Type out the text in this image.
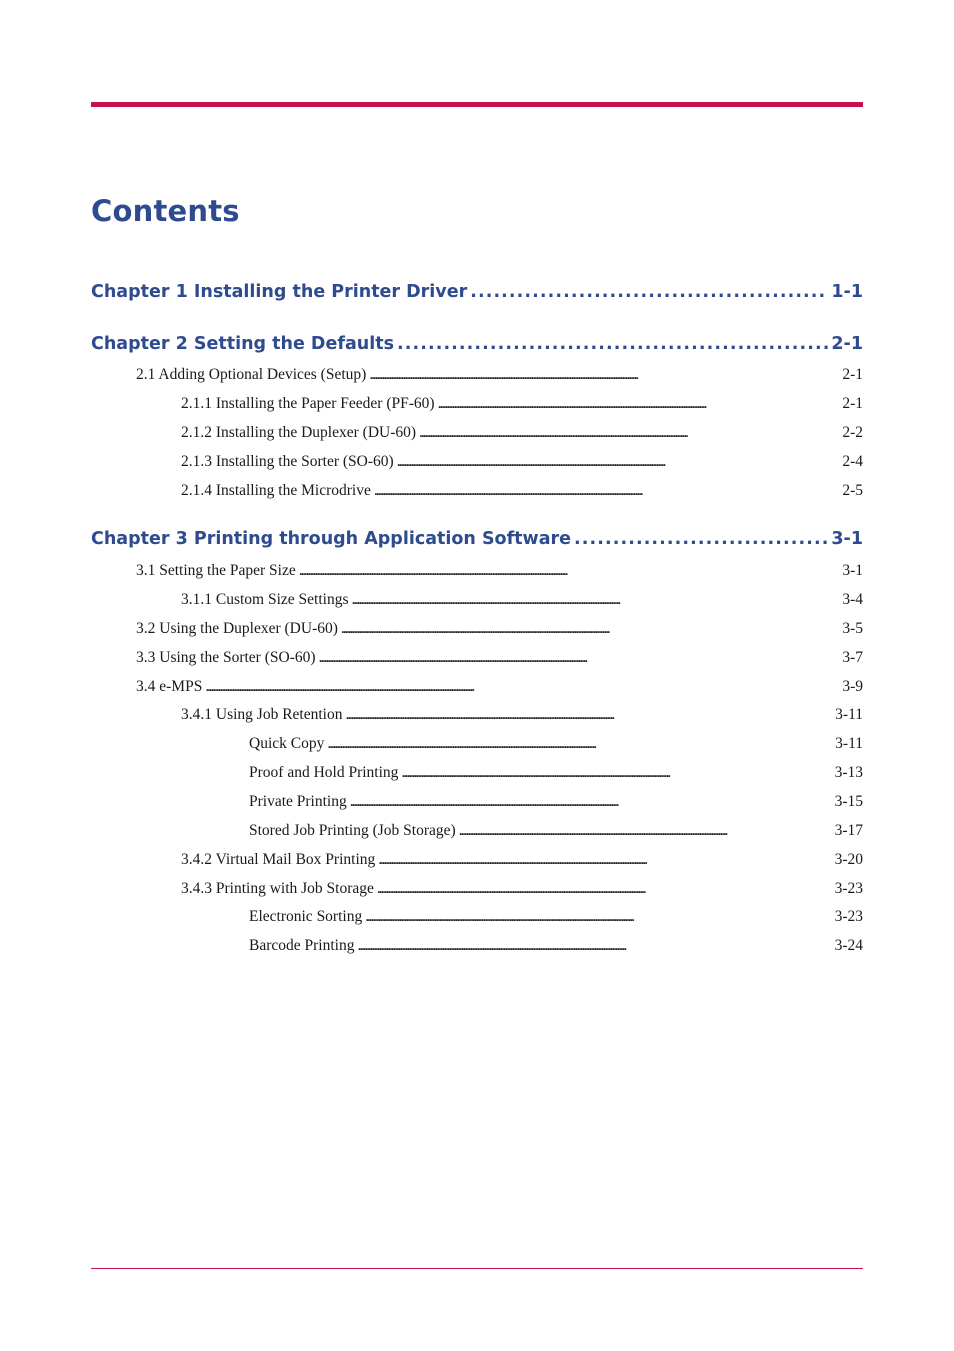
Contents
Chapter 1 Installing the Printer Driver . . .	1-1
Chapter 2 Setting the Defaults . . .	2-1
2.1 Adding Optional Devices (Setup) . . .	2-1
2.1.1 Installing the Paper Feeder (PF-60) . . .	2-1
2.1.2 Installing the Duplexer (DU-60) . . .	2-2
2.1.3 Installing the Sorter (SO-60) . . .	2-4
2.1.4 Installing the Microdrive . . .	2-5
Chapter 3 Printing through Application Software . . .	3-1
3.1 Setting the Paper Size . . .	3-1
3.1.1 Custom Size Settings . . .	3-4
3.2 Using the Duplexer (DU-60) . . .	3-5
3.3 Using the Sorter (SO-60) . . .	3-7
3.4 e-MPS . . .	3-9
3.4.1 Using Job Retention . . .	3-11
Quick Copy . . .	3-11
Proof and Hold Printing . . .	3-13
Private Printing . . .	3-15
Stored Job Printing (Job Storage) . . .	3-17
3.4.2 Virtual Mail Box Printing . . .	3-20
3.4.3 Printing with Job Storage . . .	3-23
Electronic Sorting . . .	3-23
Barcode Printing . . .	3-24
